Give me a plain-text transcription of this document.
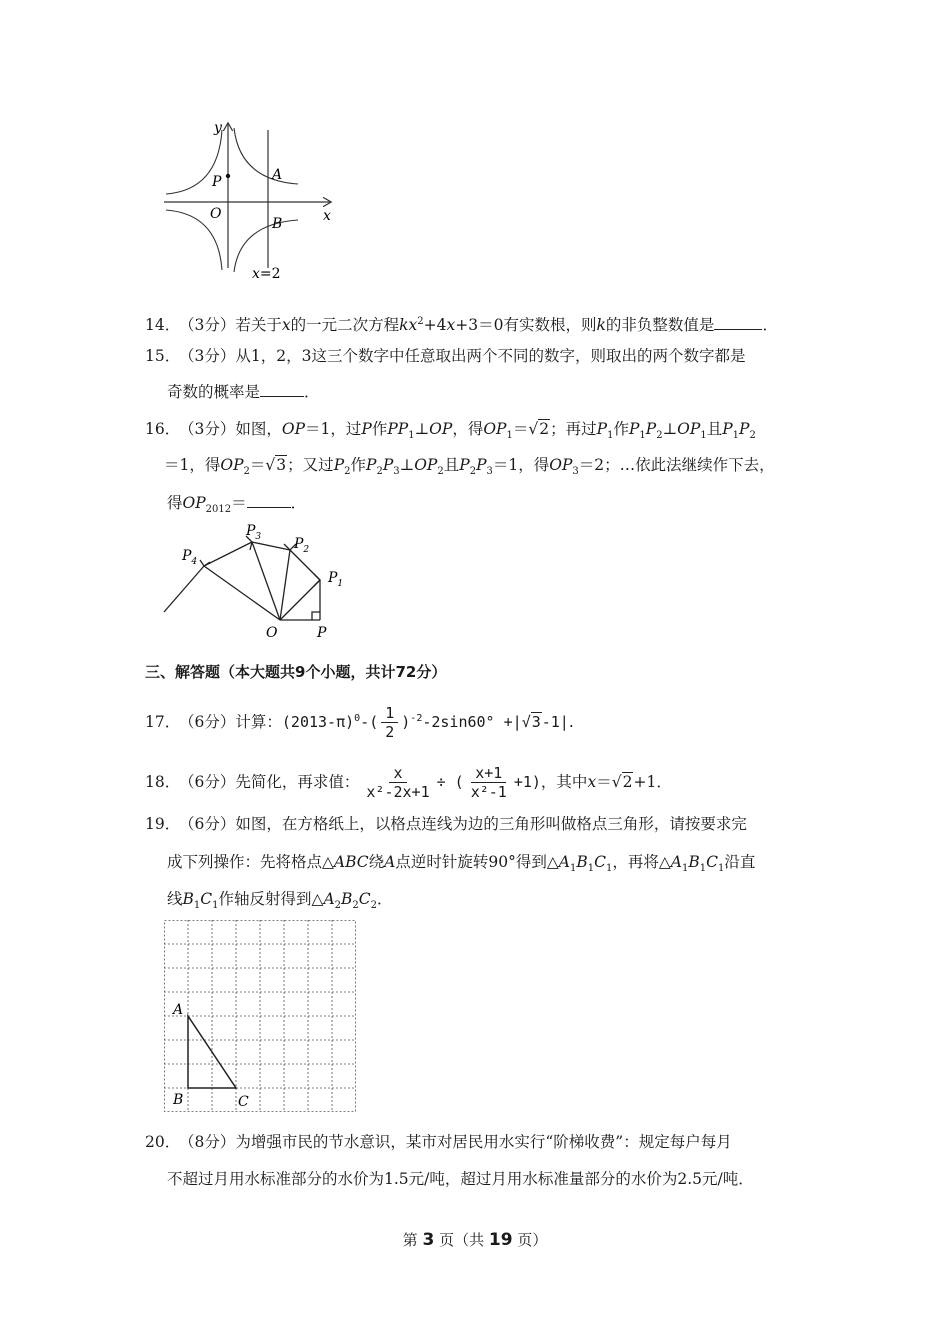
y
x
O
P	A
B
x=2
14．（3分）若关于x的一元二次方程$kx^2+4x+3=0$有实数根，则k的非负整数值是	．
15．（3分）从1，2，3这三个数字中任意取出两个不同的数字，则取出的两个数字都是
奇数的概率是	．
16．（3分）如图，OP＝1，过P作$PP_1\perp OP$，得$OP_1=√2$；再过$P_1$作$P_1P_2\perp OP_1$且$P_1P_2$
＝1，得$OP_2=√3$；又过$P_2$作$P_2P_3\perp OP_2$且$P_2P_3=1$，得$OP_3=2$；…依此法继续作下去，
得$OP_{2012}=$	．
$P_1$
$P_2$
$P_3$
$P_4$
O	P
三、解答题（本大题共9个小题，共计72分）
17．（6分）计算：$(2013-\pi)^0-( \frac{1}{2} )^{-2}-2\sin 60^\circ +|√3-1|$.
18．（6分）先简化，再求值： $\frac{x}{\text{x²-2x+1}}$ ÷ ( $\frac{x+1}{\text{x²-1}} +1$)，其中x＝√2+1．
19．（6分）如图，在方格纸上，以格点连线为边的三角形叫做格点三角形，请按要求完
成下列操作：先将格点△ABC绕A点逆时针旋转90°得到$\triangle A_1B_1C_1$，再将$\triangle A_1B_1C_1$沿直
线$B_1C_1$作轴反射得到$\triangle A_2B_2C_2$．
A
B	C
20．（8分）为增强市民的节水意识，某市对居民用水实行“阶梯收费”：规定每户每月
不超过月用水标准部分的水价为1.5元/吨，超过月用水标准量部分的水价为2.5元/吨．
第 3 页（共 19 页）
